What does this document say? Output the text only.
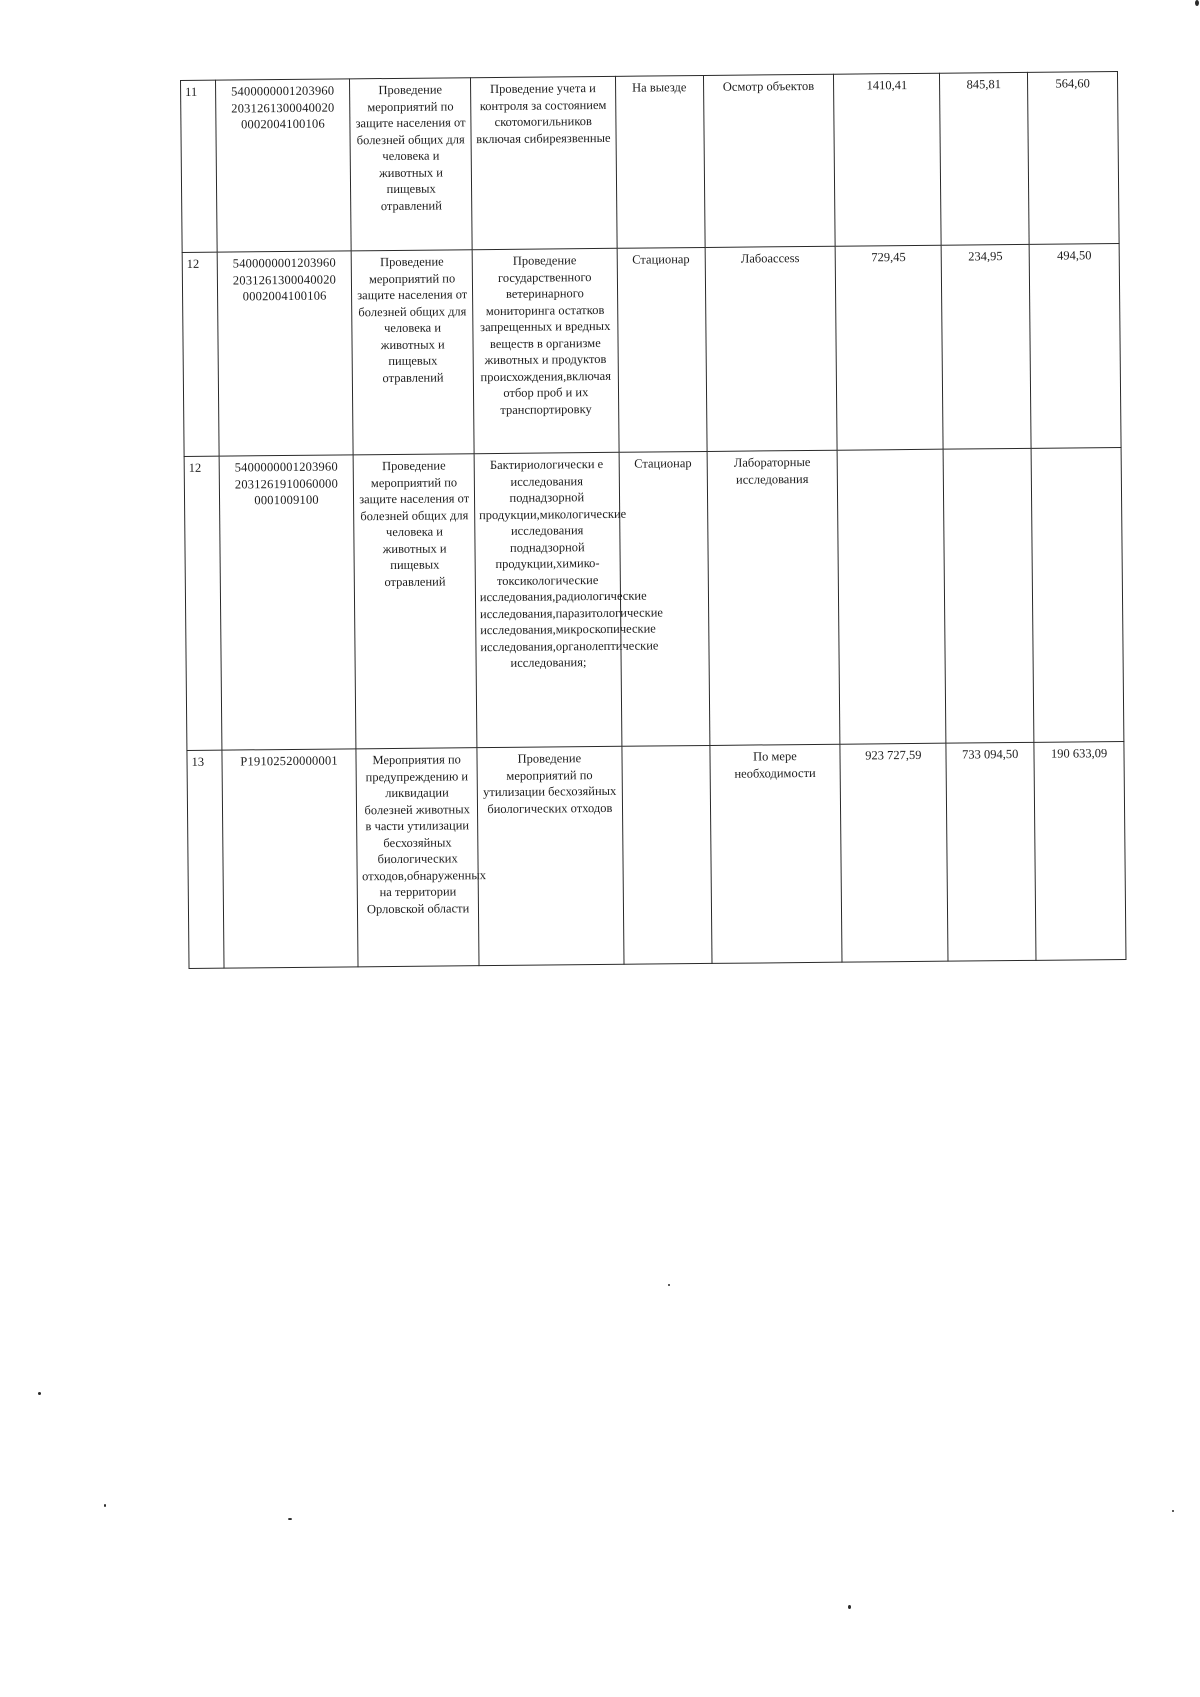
11	5400000001203960 2031261300040020 0002004100106	Проведение мероприятий по защите населения от болезней общих для человека и животных и пищевых отравлений	Проведение учета и контроля за состоянием скотомогильников включая сибиреязвенные	На выезде	Осмотр объектов	1410,41	845,81	564,60
12	5400000001203960 2031261300040020 0002004100106	Проведение мероприятий по защите населения от болезней общих для человека и животных и пищевых отравлений	Проведение государственного ветеринарного мониторинга остатков запрещенных и вредных веществ в организме животных и продуктов происхождения,включая отбор проб и их транспортировку	Стационар	Лабоaccess	729,45	234,95	494,50
12	5400000001203960 2031261910060000 0001009100	Проведение мероприятий по защите населения от болезней общих для человека и животных и пищевых отравлений	Бактириологически е исследования поднадзорной продукции,микологические исследования поднадзорной продукции,химико-токсикологические исследования,радиологические исследования,паразитологические исследования,микроскопические исследования,органолептические исследования;	Стационар	Лабораторные исследования			
13	Р19102520000001	Мероприятия по предупреждению и ликвидации болезней животных в части утилизации бесхозяйных биологических отходов,обнаруженных на территории Орловской области	Проведение мероприятий по утилизации бесхозяйных биологических отходов		По мере необходимости	923 727,59	733 094,50	190 633,09
